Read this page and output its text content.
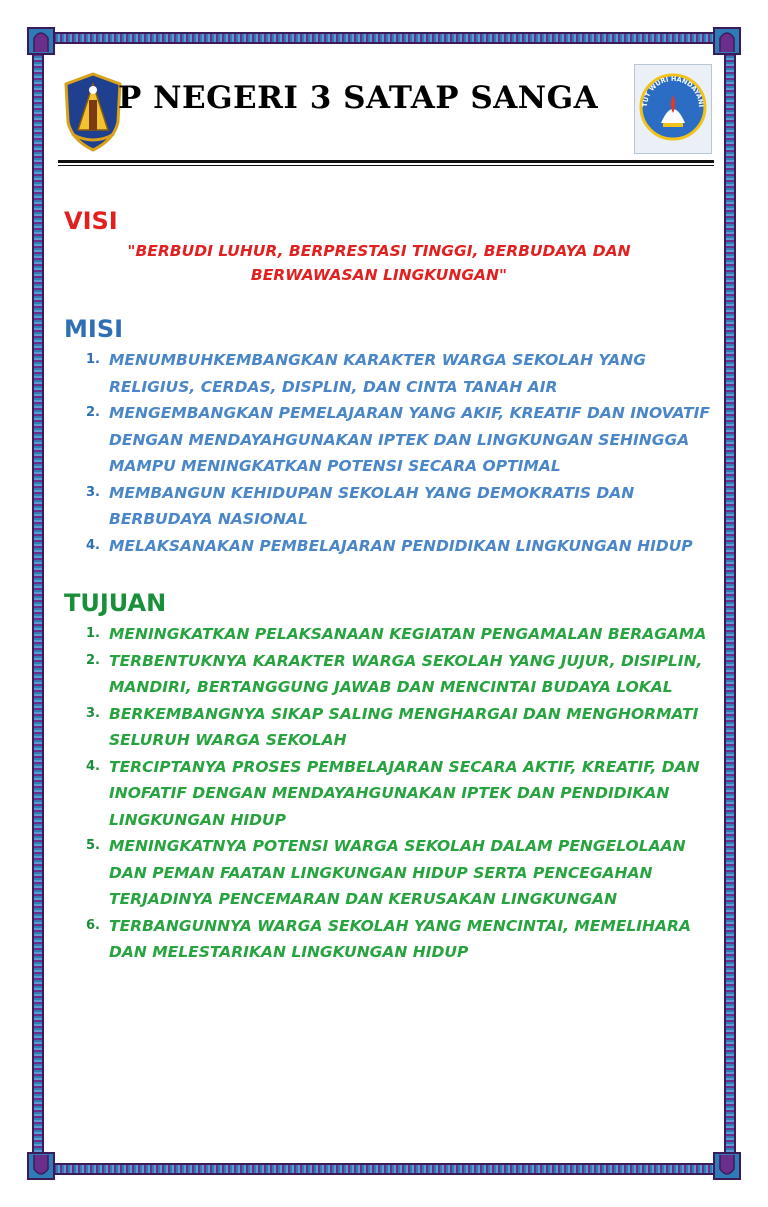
P NEGERI 3 SATAP SANGA	TUT WURI HANDAYANI
VISI

"BERBUDI LUHUR, BERPRESTASI TINGGI, BERBUDAYA DAN BERWAWASAN LINGKUNGAN"

MISI
1. MENUMBUHKEMBANGKAN KARAKTER WARGA SEKOLAH YANG RELIGIUS, CERDAS, DISPLIN, DAN CINTA TANAH AIR
2. MENGEMBANGKAN PEMELAJARAN YANG AKIF, KREATIF DAN INOVATIF DENGAN MENDAYAHGUNAKAN IPTEK DAN LINGKUNGAN SEHINGGA MAMPU MENINGKATKAN POTENSI SECARA OPTIMAL
3. MEMBANGUN KEHIDUPAN SEKOLAH YANG DEMOKRATIS DAN BERBUDAYA NASIONAL
4. MELAKSANAKAN PEMBELAJARAN PENDIDIKAN LINGKUNGAN HIDUP
TUJUAN
1. MENINGKATKAN PELAKSANAAN KEGIATAN PENGAMALAN BERAGAMA
2. TERBENTUKNYA KARAKTER WARGA SEKOLAH YANG JUJUR, DISIPLIN, MANDIRI, BERTANGGUNG JAWAB DAN MENCINTAI BUDAYA LOKAL
3. BERKEMBANGNYA SIKAP SALING MENGHARGAI DAN MENGHORMATI SELURUH WARGA SEKOLAH
4. TERCIPTANYA PROSES PEMBELAJARAN SECARA AKTIF, KREATIF, DAN INOFATIF DENGAN MENDAYAHGUNAKAN IPTEK DAN PENDIDIKAN LINGKUNGAN HIDUP
5. MENINGKATNYA POTENSI WARGA SEKOLAH DALAM PENGELOLAAN DAN PEMAN FAATAN LINGKUNGAN HIDUP SERTA PENCEGAHAN TERJADINYA PENCEMARAN DAN KERUSAKAN LINGKUNGAN
6. TERBANGUNNYA WARGA SEKOLAH YANG MENCINTAI, MEMELIHARA DAN MELESTARIKAN LINGKUNGAN HIDUP
